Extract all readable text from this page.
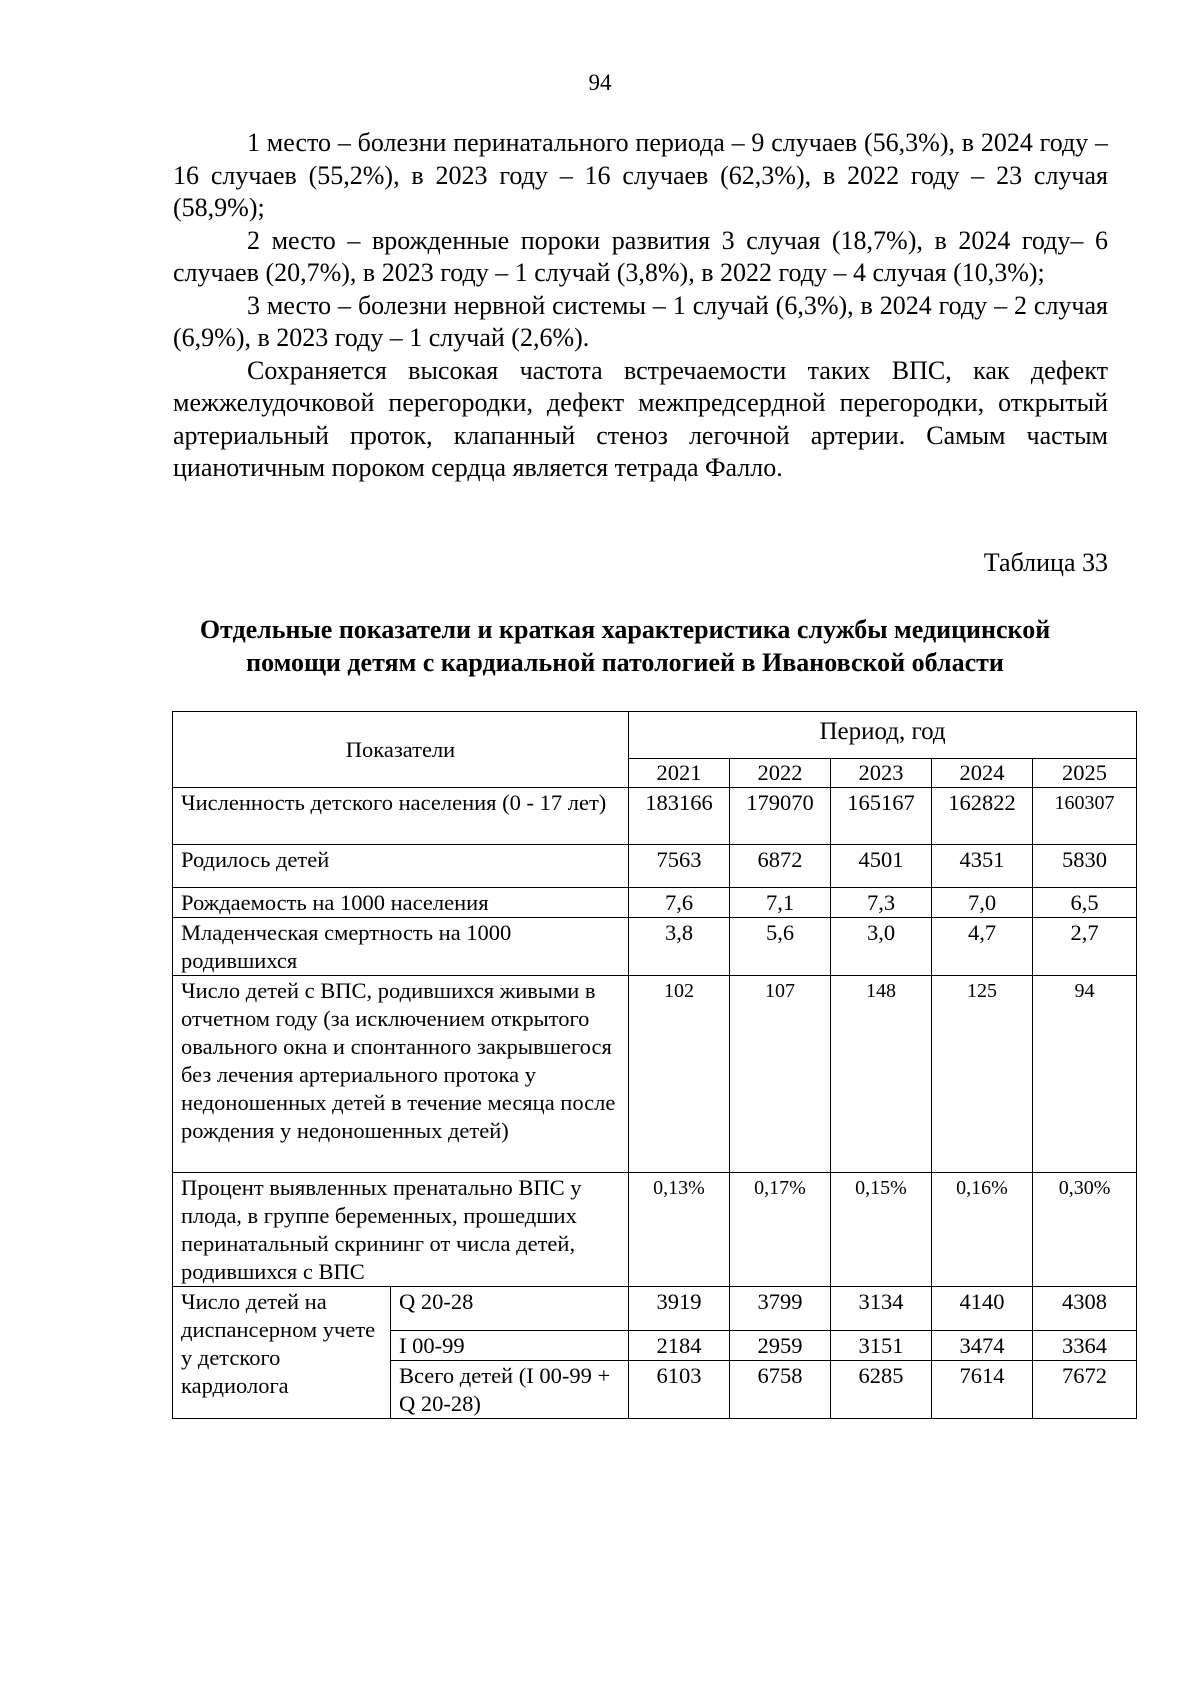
94

1 место – болезни перинатального периода – 9 случаев (56,3%), в 2024 году – 16 случаев (55,2%), в 2023 году – 16 случаев (62,3%), в 2022 году – 23 случая (58,9%);

2 место – врожденные пороки развития 3 случая (18,7%), в 2024 году– 6 случаев (20,7%), в 2023 году – 1 случай (3,8%), в 2022 году – 4 случая (10,3%);

3 место – болезни нервной системы – 1 случай (6,3%), в 2024 году – 2 случая (6,9%), в 2023 году – 1 случай (2,6%).

Сохраняется высокая частота встречаемости таких ВПС, как дефект межжелудочковой перегородки, дефект межпредсердной перегородки, открытый артериальный проток, клапанный стеноз легочной артерии. Самым частым цианотичным пороком сердца является тетрада Фалло.

Таблица 33
Отдельные показатели и краткая характеристика службы медицинской помощи детям с кардиальной патологией в Ивановской области
Показатели		Период, год				
		2021	2022	2023	2024	2025
Численность детского населения (0 - 17 лет)		183166	179070	165167	162822	160307
Родилось детей		7563	6872	4501	4351	5830
Рождаемость на 1000 населения		7,6	7,1	7,3	7,0	6,5
Младенческая смертность на 1000 родившихся		3,8	5,6	3,0	4,7	2,7
Число детей с ВПС, родившихся живыми в отчетном году (за исключением открытого овального окна и спонтанного закрывшегося без лечения артериального протока у недоношенных детей в течение месяца после рождения у недоношенных детей)		102	107	148	125	94
Процент выявленных пренатально ВПС у плода, в группе беременных, прошедших перинатальный скрининг от числа детей, родившихся с ВПС		0,13%	0,17%	0,15%	0,16%	0,30%
Число детей на диспансерном учете у детского кардиолога	Q 20-28	3919	3799	3134	4140	4308
	I 00-99	2184	2959	3151	3474	3364
	Всего детей (I 00-99 + Q 20-28)	6103	6758	6285	7614	7672
